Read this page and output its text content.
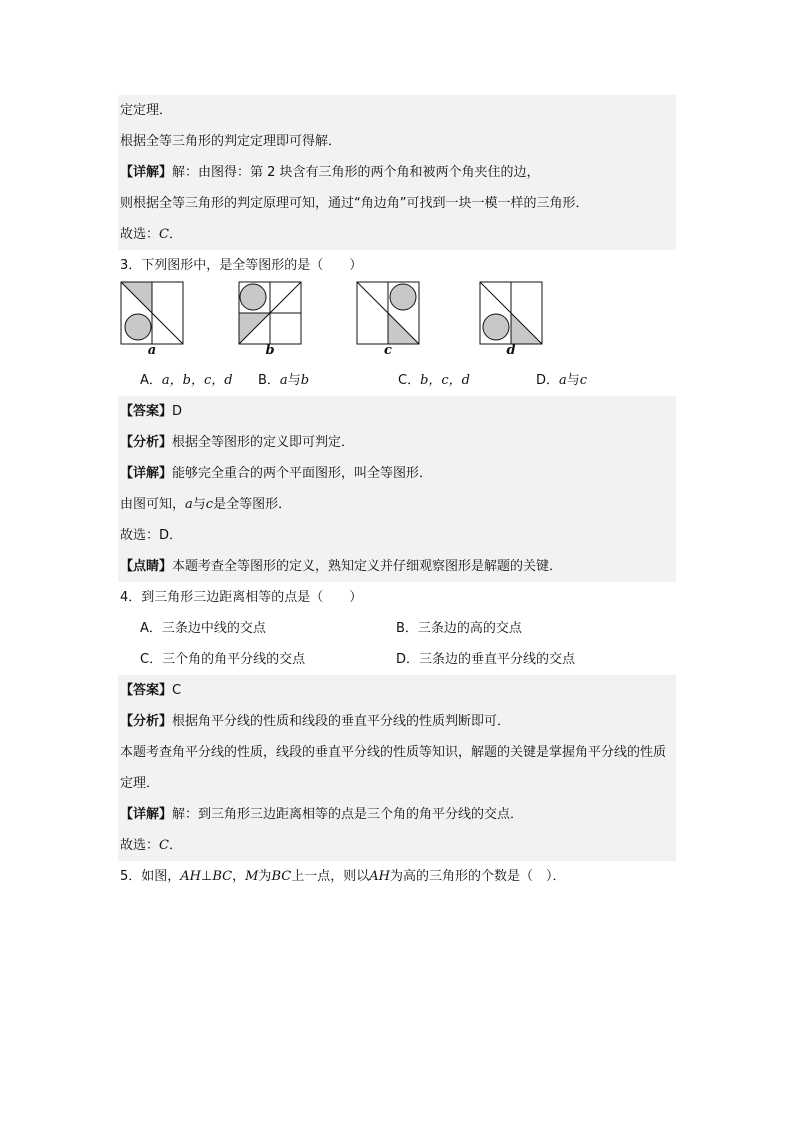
定定理．
根据全等三角形的判定定理即可得解．
【详解】解：由图得：第 2 块含有三角形的两个角和被两个角夹住的边，
则根据全等三角形的判定原理可知，通过“角边角”可找到一块一模一样的三角形．
故选：C．
3．下列图形中，是全等图形的是（　　）
a	b	c	d
A．a，b，c，d B．a与b	C．b，c，d	D．a与c
【答案】D
【分析】根据全等图形的定义即可判定．
【详解】能够完全重合的两个平面图形，叫全等图形．
由图可知，a与c是全等图形．
故选：D．
【点睛】本题考查全等图形的定义，熟知定义并仔细观察图形是解题的关键．
4．到三角形三边距离相等的点是（　　）
A．三条边中线的交点	B．三条边的高的交点
C．三个角的角平分线的交点	D．三条边的垂直平分线的交点
【答案】C
【分析】根据角平分线的性质和线段的垂直平分线的性质判断即可．
本题考查角平分线的性质，线段的垂直平分线的性质等知识，解题的关键是掌握角平分线的性质定理．
【详解】解：到三角形三边距离相等的点是三个角的角平分线的交点．
故选：C．
5．如图，AH⊥BC，M为BC上一点，则以AH为高的三角形的个数是（　）．
